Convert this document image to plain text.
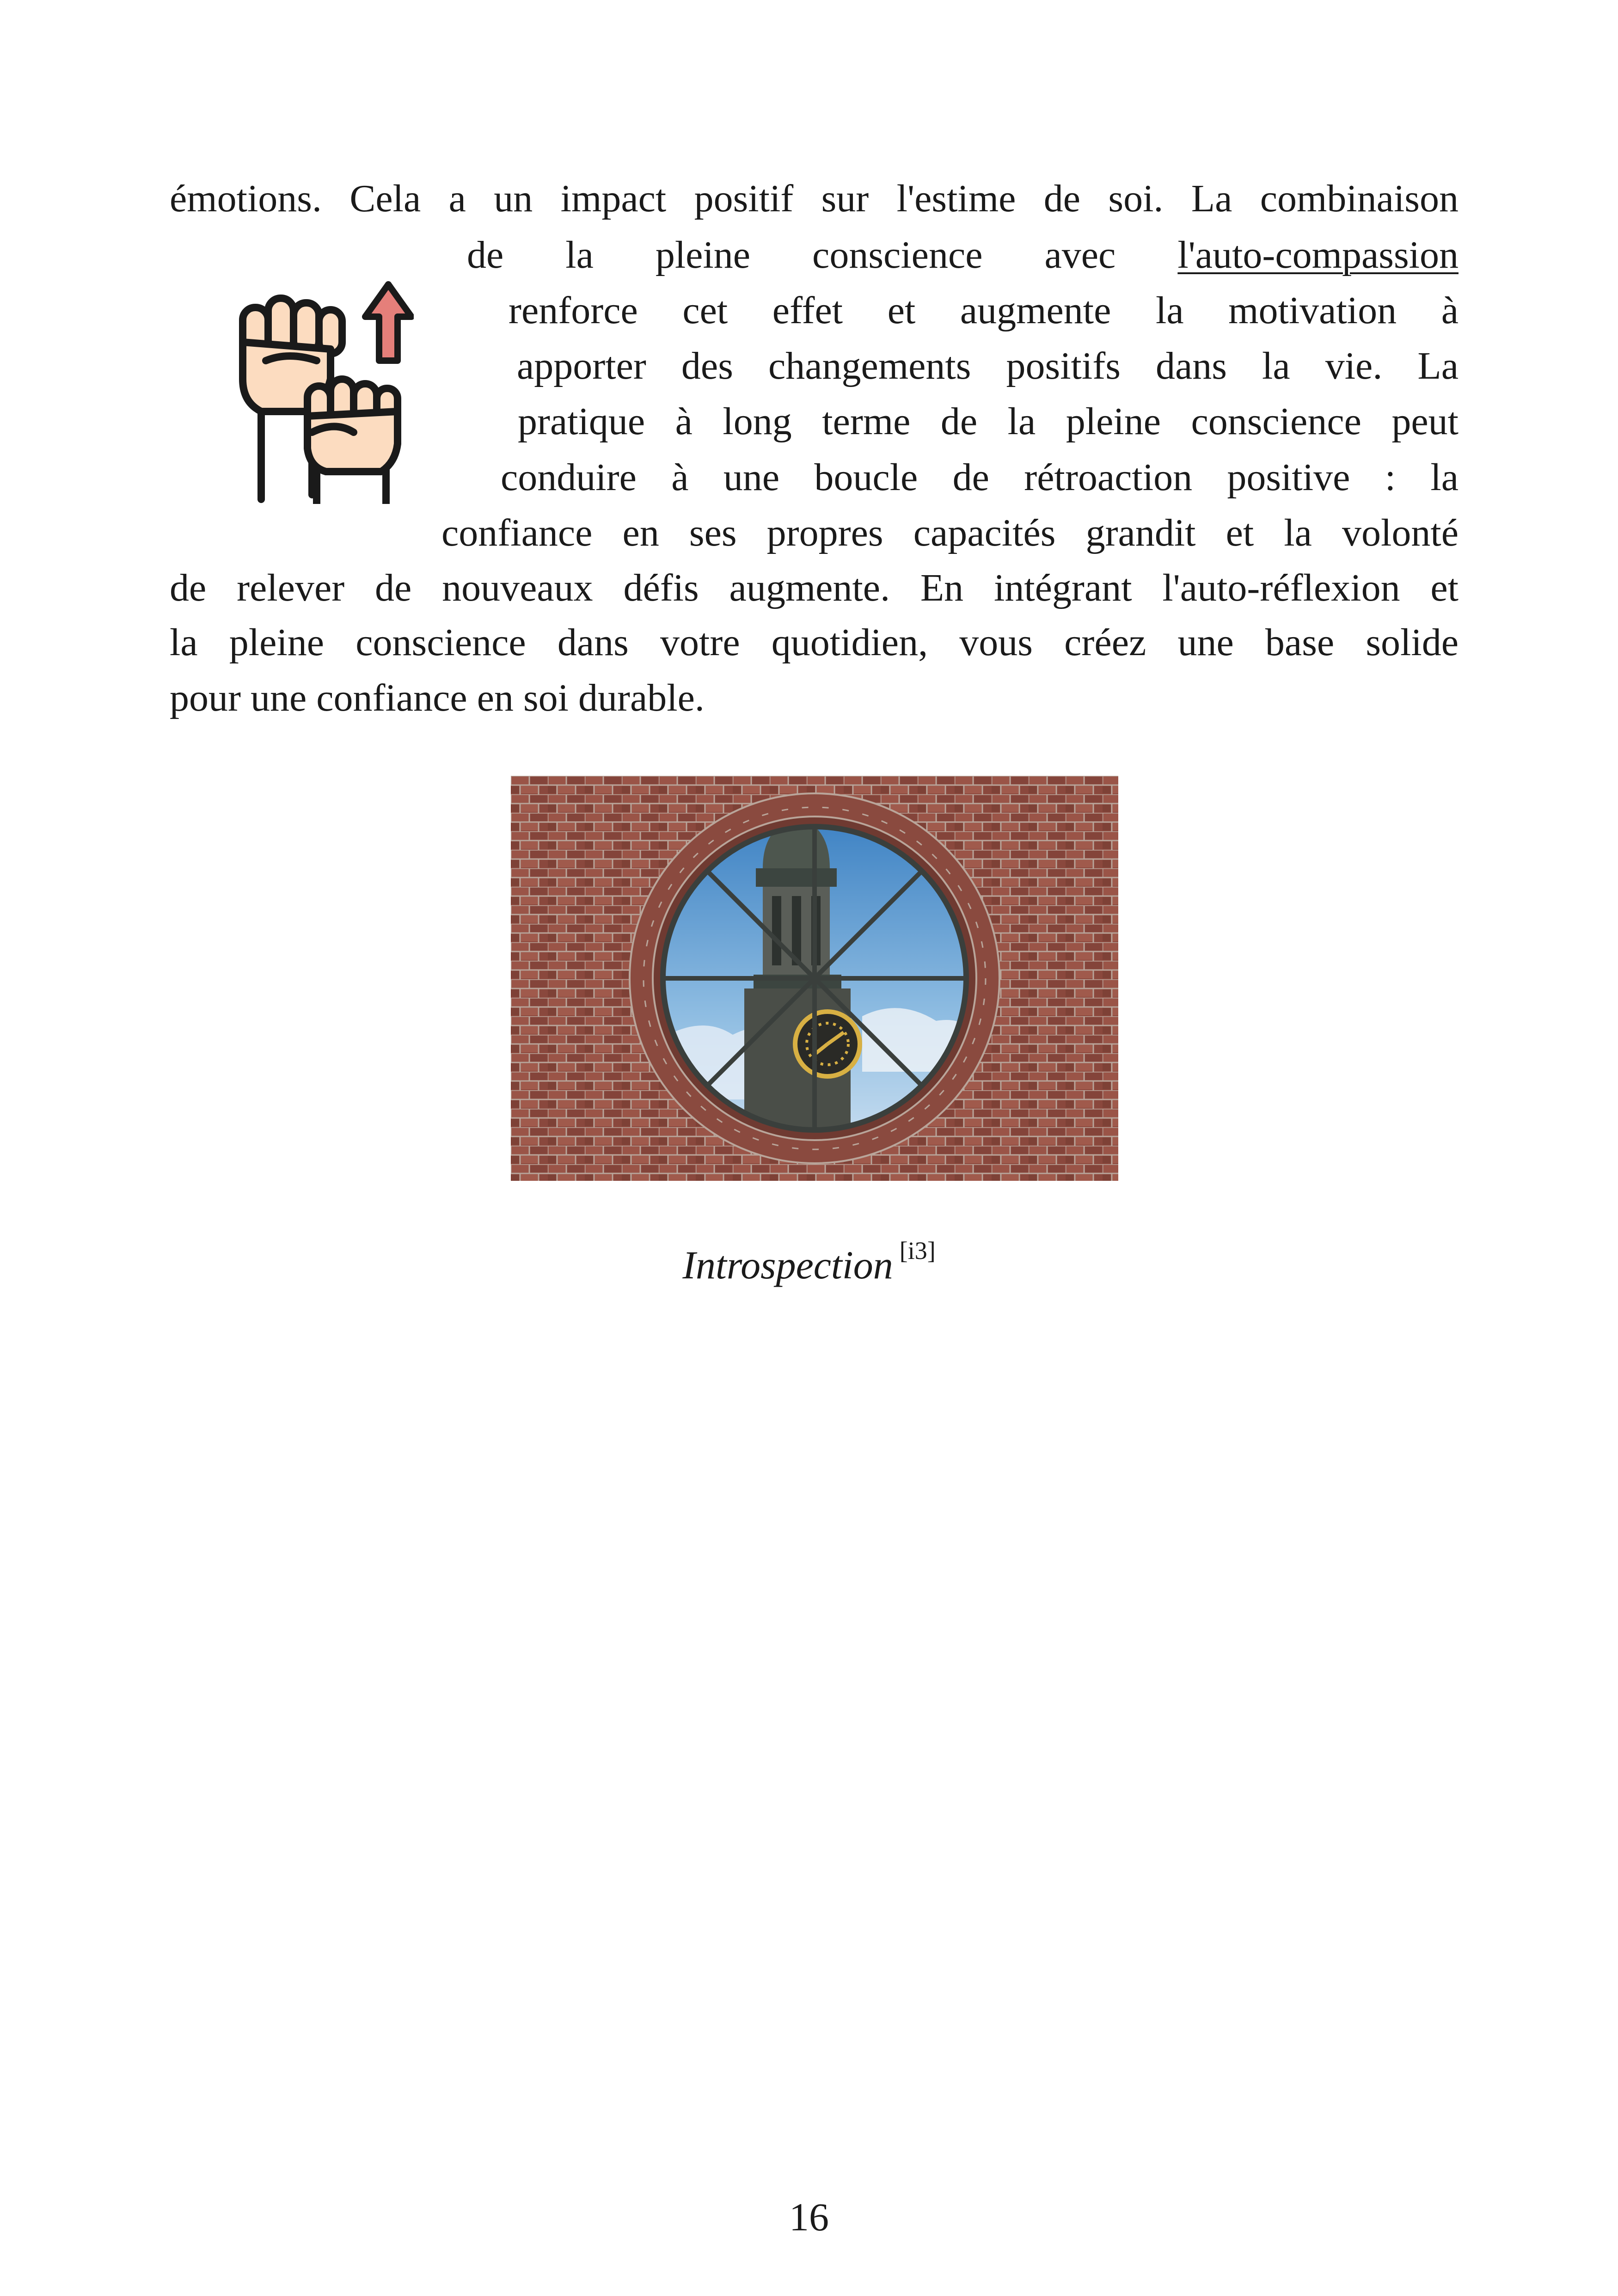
émotions. Cela a un impact positif sur l'estime de soi. La combinaison
de la pleine conscience avec l'auto-compassion
renforce cet effet et augmente la motivation à
apporter des changements positifs dans la vie. La
pratique à long terme de la pleine conscience peut
conduire à une boucle de rétroaction positive : la
confiance en ses propres capacités grandit et la volonté
de relever de nouveaux défis augmente. En intégrant l'auto-réflexion et
la pleine conscience dans votre quotidien, vous créez une base solide
pour une confiance en soi durable.
Introspection [i3]
16
